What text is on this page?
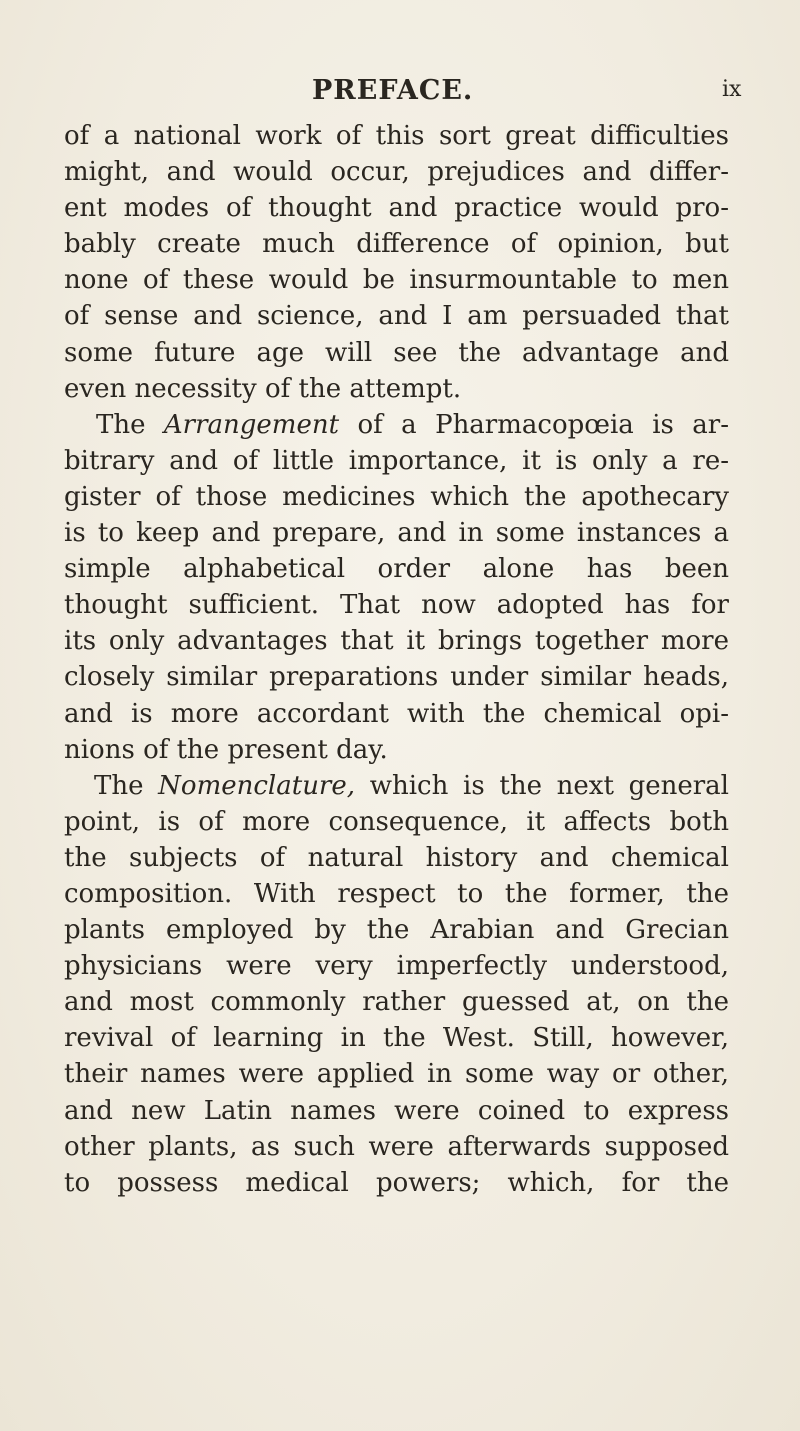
PREFACE.	ix
of a national work of this sort great difficulties
might, and would occur, prejudices and differ-
ent modes of thought and practice would pro-
bably create much difference of opinion, but
none of these would be insurmountable to men
of sense and science, and I am persuaded that
some future age will see the advantage and
even necessity of the attempt.
The Arrangement of a Pharmacopœia is ar-
bitrary and of little importance, it is only a re-
gister of those medicines which the apothecary
is to keep and prepare, and in some instances a
simple alphabetical order alone has been
thought sufficient. That now adopted has for
its only advantages that it brings together more
closely similar preparations under similar heads,
and is more accordant with the chemical opi-
nions of the present day.
The Nomenclature, which is the next general
point, is of more consequence, it affects both
the subjects of natural history and chemical
composition. With respect to the former, the
plants employed by the Arabian and Grecian
physicians were very imperfectly understood,
and most commonly rather guessed at, on the
revival of learning in the West. Still, however,
their names were applied in some way or other,
and new Latin names were coined to express
other plants, as such were afterwards supposed
to possess medical powers; which, for the
